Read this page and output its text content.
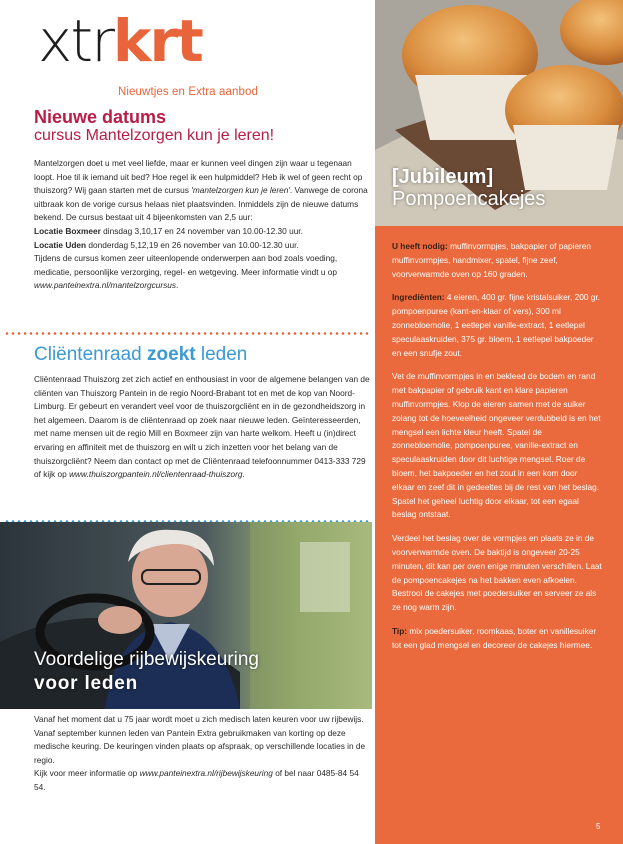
xtrkrt
Nieuwtjes en Extra aanbod
Nieuwe datums
cursus Mantelzorgen kun je leren!

Mantelzorgen doet u met veel liefde, maar er kunnen veel dingen zijn waar u tegenaan loopt. Hoe til ik iemand uit bed? Hoe regel ik een hulpmiddel? Heb ik wel of geen recht op thuiszorg? Wij gaan starten met de cursus 'mantelzorgen kun je leren'. Vanwege de corona uitbraak kon de vorige cursus helaas niet plaatsvinden. Inmiddels zijn de nieuwe datums bekend. De cursus bestaat uit 4 bijeenkomsten van 2,5 uur:

Locatie Boxmeer dinsdag 3,10,17 en 24 november van 10.00-12.30 uur.

Locatie Uden donderdag 5,12,19 en 26 november van 10.00-12.30 uur.

Tijdens de cursus komen zeer uiteenlopende onderwerpen aan bod zoals voeding, medicatie, persoonlijke verzorging, regel- en wetgeving. Meer informatie vindt u op www.panteinextra.nl/mantelzorgcursus.

Cliëntenraad zoekt leden

Cliëntenraad Thuiszorg zet zich actief en enthousiast in voor de algemene belangen van de cliënten van Thuiszorg Pantein in de regio Noord-Brabant tot en met de kop van Noord-Limburg. Er gebeurt en verandert veel voor de thuiszorgcliënt en in de gezondheidszorg in het algemeen. Daarom is de cliëntenraad op zoek naar nieuwe leden. Geïnteresseerden, met name mensen uit de regio Mill en Boxmeer zijn van harte welkom. Heeft u (in)direct ervaring en affiniteit met de thuiszorg en wilt u zich inzetten voor het belang van de thuiszorgcliënt? Neem dan contact op met de Cliëntenraad telefoonnummer 0413-333 729 of kijk op www.thuiszorgpantein.nl/clientenraad-thuiszorg.

Voordelige rijbewijskeuring
voor leden

Vanaf het moment dat u 75 jaar wordt moet u zich medisch laten keuren voor uw rijbewijs. Vanaf september kunnen leden van Pantein Extra gebruikmaken van korting op deze medische keuring. De keuringen vinden plaats op afspraak, op verschillende locaties in de regio.

Kijk voor meer informatie op www.panteinextra.nl/rijbewijskeuring of bel naar 0485-84 54 54.

[Jubileum]
Pompoencakejes

U heeft nodig: muffinvormpjes, bakpapier of papieren muffinvormpjes, handmixer, spatel, fijne zeef, voorverwarmde oven op 160 graden.

Ingrediënten: 4 eieren, 400 gr. fijne kristalsuiker, 200 gr. pompoenpuree (kant-en-klaar of vers), 300 ml zonnebloemolie, 1 eetlepel vanille-extract, 1 eetlepel speculaaskruiden, 375 gr. bloem, 1 eetlepel bakpoeder en een snufje zout.

Vet de muffinvormpjes in en bekleed de bodem en rand met bakpapier of gebruik kant en klare papieren muffinvormpjes. Klop de eieren samen met de suiker zolang tot de hoeveelheid ongeveer verdubbeld is en het mengsel een lichte kleur heeft. Spatel de zonnebloemolie, pompoenpuree, vanille-extract en speculaaskruiden door dit luchtige mengsel. Roer de bloem, het bakpoeder en het zout in een kom door elkaar en zeef dit in gedeeltes bij de rest van het beslag. Spatel het geheel luchtig door elkaar, tot een egaal beslag ontstaat.

Verdeel het beslag over de vormpjes en plaats ze in de voorverwarmde oven. De baktijd is ongeveer 20-25 minuten, dit kan per oven enige minuten verschillen. Laat de pompoencakejes na het bakken even afkoelen.

Bestrooi de cakejes met poedersuiker en serveer ze als ze nog warm zijn.

Tip: mix poedersuiker, roomkaas, boter en vanillesuiker tot een glad mengsel en decoreer de cakejes hiermee.

5
